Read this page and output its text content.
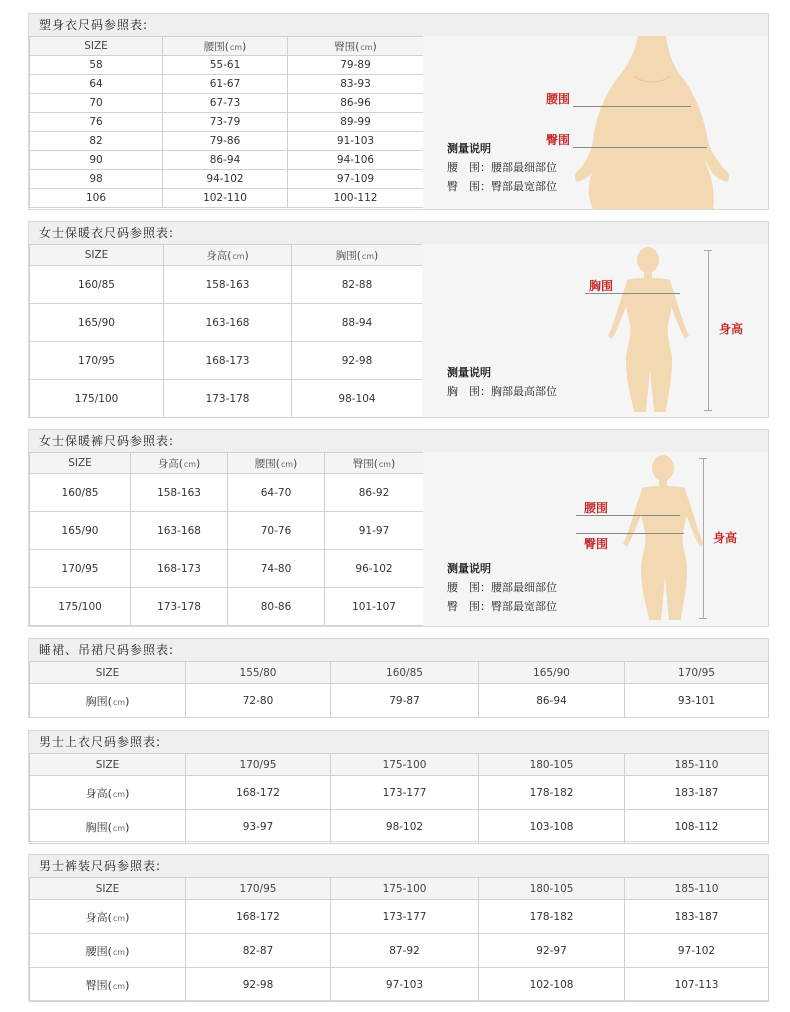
塑身衣尺码参照表:
SIZE	腰围(cm)	臀围(cm)
58	55-61	79-89
64	61-67	83-93
70	67-73	86-96
76	73-79	89-99
82	79-86	91-103
90	86-94	94-106
98	94-102	97-109
106	102-110	100-112
腰围
臀围
测量说明
腰　围：腰部最细部位
臀　围：臀部最宽部位
女士保暖衣尺码参照表:
SIZE	身高(cm)	胸围(cm)
160/85	158-163	82-88
165/90	163-168	88-94
170/95	168-173	92-98
175/100	173-178	98-104
胸围
身高
测量说明
胸　围：胸部最高部位
女士保暖裤尺码参照表:
SIZE	身高(cm)	腰围(cm)	臀围(cm)
160/85	158-163	64-70	86-92
165/90	163-168	70-76	91-97
170/95	168-173	74-80	96-102
175/100	173-178	80-86	101-107
腰围
臀围	身高
测量说明
腰　围：腰部最细部位
臀　围：臀部最宽部位
睡裙、吊裙尺码参照表:
SIZE	155/80	160/85	165/90	170/95
胸围(cm)	72-80	79-87	86-94	93-101
男士上衣尺码参照表:
SIZE	170/95	175-100	180-105	185-110
身高(cm)	168-172	173-177	178-182	183-187
胸围(cm)	93-97	98-102	103-108	108-112
男士裤装尺码参照表:
SIZE	170/95	175-100	180-105	185-110
身高(cm)	168-172	173-177	178-182	183-187
腰围(cm)	82-87	87-92	92-97	97-102
臀围(cm)	92-98	97-103	102-108	107-113
